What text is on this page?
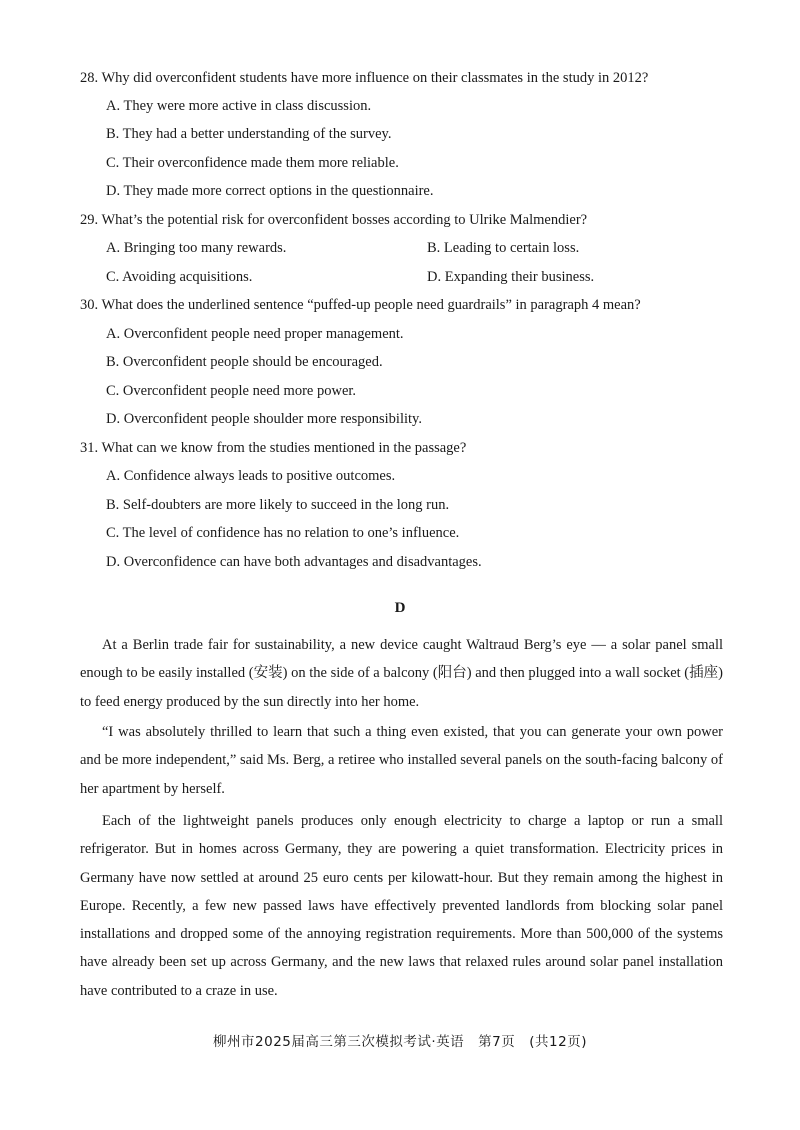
28. Why did overconfident students have more influence on their classmates in the study in 2012?
A. They were more active in class discussion.
B. They had a better understanding of the survey.
C. Their overconfidence made them more reliable.
D. They made more correct options in the questionnaire.
29. What’s the potential risk for overconfident bosses according to Ulrike Malmendier?
A. Bringing too many rewards.	B. Leading to certain loss.
C. Avoiding acquisitions.	D. Expanding their business.
30. What does the underlined sentence “puffed-up people need guardrails” in paragraph 4 mean?
A. Overconfident people need proper management.
B. Overconfident people should be encouraged.
C. Overconfident people need more power.
D. Overconfident people shoulder more responsibility.
31. What can we know from the studies mentioned in the passage?
A. Confidence always leads to positive outcomes.
B. Self-doubters are more likely to succeed in the long run.
C. The level of confidence has no relation to one’s influence.
D. Overconfidence can have both advantages and disadvantages.
D
At a Berlin trade fair for sustainability, a new device caught Waltraud Berg’s eye — a solar panel small enough to be easily installed (安装) on the side of a balcony (阳台) and then plugged into a wall socket (插座) to feed energy produced by the sun directly into her home.
“I was absolutely thrilled to learn that such a thing even existed, that you can generate your own power and be more independent,” said Ms. Berg, a retiree who installed several panels on the south-facing balcony of her apartment by herself.
Each of the lightweight panels produces only enough electricity to charge a laptop or run a small refrigerator. But in homes across Germany, they are powering a quiet transformation. Electricity prices in Germany have now settled at around 25 euro cents per kilowatt-hour. But they remain among the highest in Europe. Recently, a few new passed laws have effectively prevented landlords from blocking solar panel installations and dropped some of the annoying registration requirements. More than 500,000 of the systems have already been set up across Germany, and the new laws that relaxed rules around solar panel installation have contributed to a craze in use.
柳州市2025届高三第三次模拟考试·英语　第7页　(共12页)
